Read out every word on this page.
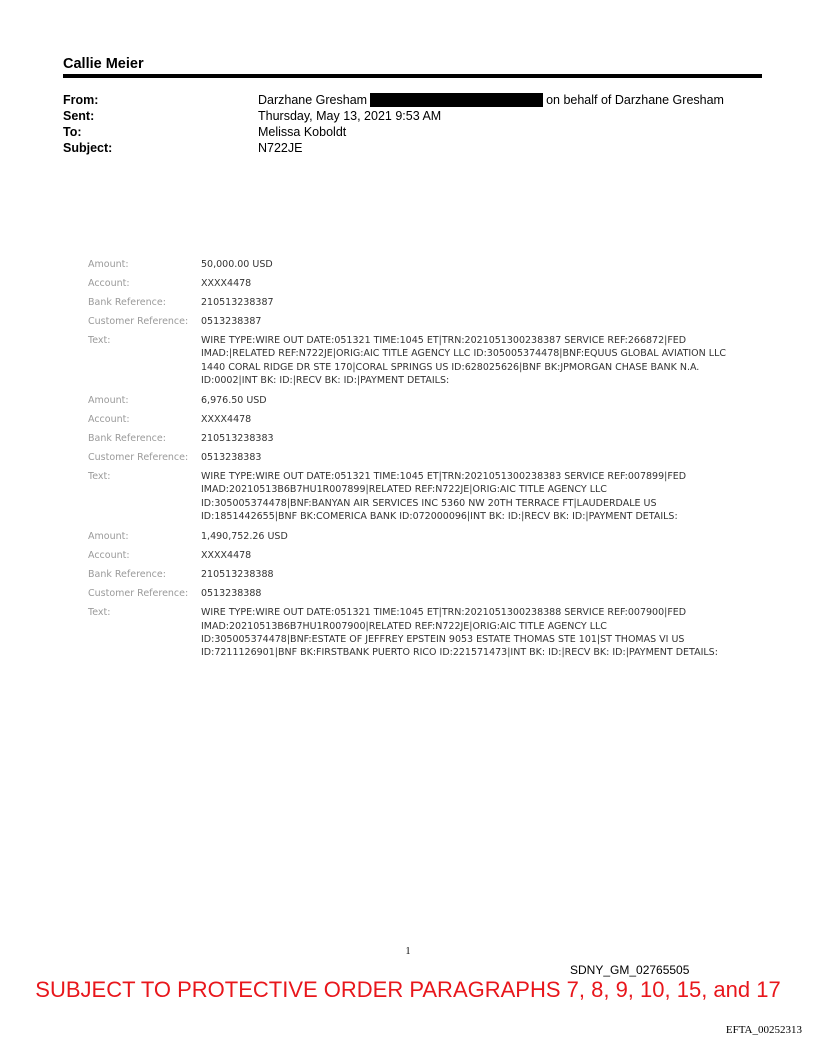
Callie Meier
From:	Darzhane Gresham	on behalf of Darzhane Gresham
Sent:	Thursday, May 13, 2021 9:53 AM
To:	Melissa Koboldt
Subject:	N722JE
Amount:	50,000.00 USD
Account:	XXXX4478
Bank Reference:	210513238387
Customer Reference:	0513238387
Text:	WIRE TYPE:WIRE OUT DATE:051321 TIME:1045 ET|TRN:2021051300238387 SERVICE REF:266872|FED IMAD:|RELATED REF:N722JE|ORIG:AIC TITLE AGENCY LLC ID:305005374478|BNF:EQUUS GLOBAL AVIATION LLC 1440 CORAL RIDGE DR STE 170|CORAL SPRINGS US ID:628025626|BNF BK:JPMORGAN CHASE BANK N.A. ID:0002|INT BK: ID:|RECV BK: ID:|PAYMENT DETAILS:
Amount:	6,976.50 USD
Account:	XXXX4478
Bank Reference:	210513238383
Customer Reference:	0513238383
Text:	WIRE TYPE:WIRE OUT DATE:051321 TIME:1045 ET|TRN:2021051300238383 SERVICE REF:007899|FED IMAD:20210513B6B7HU1R007899|RELATED REF:N722JE|ORIG:AIC TITLE AGENCY LLC ID:305005374478|BNF:BANYAN AIR SERVICES INC 5360 NW 20TH TERRACE FT|LAUDERDALE US ID:1851442655|BNF BK:COMERICA BANK ID:072000096|INT BK: ID:|RECV BK: ID:|PAYMENT DETAILS:
Amount:	1,490,752.26 USD
Account:	XXXX4478
Bank Reference:	210513238388
Customer Reference:	0513238388
Text:	WIRE TYPE:WIRE OUT DATE:051321 TIME:1045 ET|TRN:2021051300238388 SERVICE REF:007900|FED IMAD:20210513B6B7HU1R007900|RELATED REF:N722JE|ORIG:AIC TITLE AGENCY LLC ID:305005374478|BNF:ESTATE OF JEFFREY EPSTEIN 9053 ESTATE THOMAS STE 101|ST THOMAS VI US ID:7211126901|BNF BK:FIRSTBANK PUERTO RICO ID:221571473|INT BK: ID:|RECV BK: ID:|PAYMENT DETAILS:
1
SDNY_GM_02765505
SUBJECT TO PROTECTIVE ORDER PARAGRAPHS 7, 8, 9, 10, 15, and 17
EFTA_00252313
